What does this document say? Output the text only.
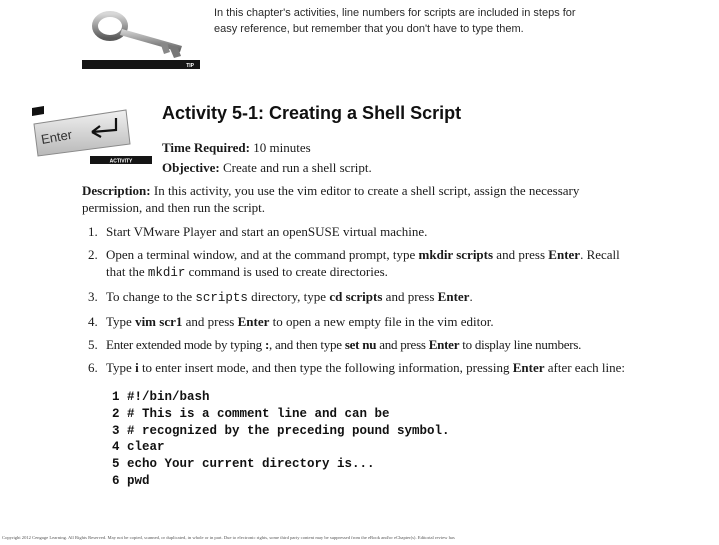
TIP
In this chapter's activities, line numbers for scripts are included in steps for easy reference, but remember that you don't have to type them.
Enter
ACTIVITY
Activity 5-1: Creating a Shell Script
Time Required: 10 minutes
Objective: Create and run a shell script.
Description: In this activity, you use the vim editor to create a shell script, assign the necessary permission, and then run the script.
1. Start VMware Player and start an openSUSE virtual machine.
2. Open a terminal window, and at the command prompt, type mkdir scripts and press Enter. Recall that the mkdir command is used to create directories.
3. To change to the scripts directory, type cd scripts and press Enter.
4. Type vim scr1 and press Enter to open a new empty file in the vim editor.
5. Enter extended mode by typing :, and then type set nu and press Enter to display line numbers.
6. Type i to enter insert mode, and then type the following information, pressing Enter after each line:
1 #!/bin/bash
2 # This is a comment line and can be
3 # recognized by the preceding pound symbol.
4 clear
5 echo Your current directory is...
6 pwd
Copyright 2012 Cengage Learning. All Rights Reserved. May not be copied, scanned, or duplicated, in whole or in part. Due to electronic rights, some third party content may be suppressed from the eBook and/or eChapter(s). Editorial review has
